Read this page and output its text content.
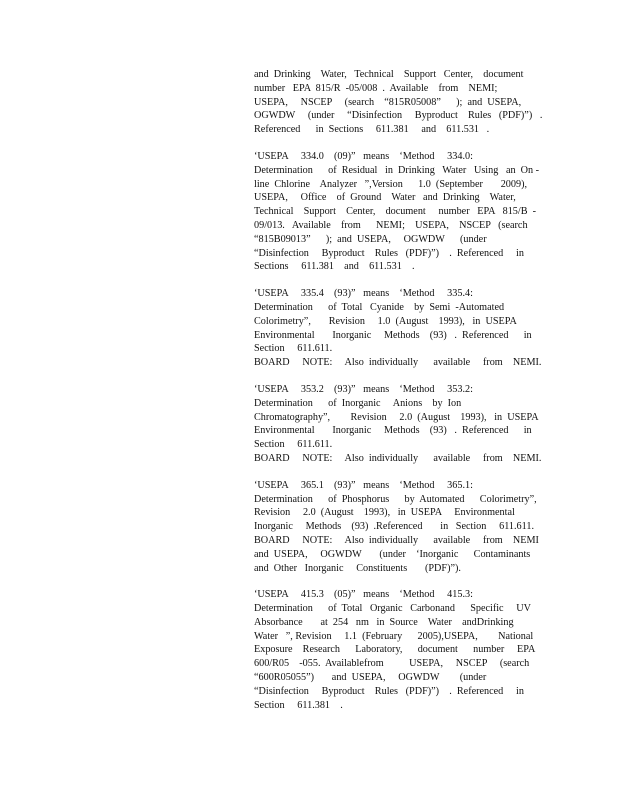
and  Drinking    Water,   Technical    Support   Center,    document
number   EPA  815/R  -05/008  .  Available    from    NEMI;
USEPA,     NSCEP     (search    “815R05008”      );  and  USEPA,
OGWDW     (under     “Disinfection     Byproduct    Rules   (PDF)”)   .
Referenced      in  Sections     611.381     and    611.531   .
‘USEPA     334.0    (09)”   means    ‘Method     334.0:
Determination      of  Residual   in  Drinking   Water   Using   an  On -
line  Chlorine    Analyzer   ”,Version      1.0  (September       2009),
USEPA,     Office    of  Ground    Water   and  Drinking    Water,
Technical    Support    Center,    document     number   EPA   815/B  -
09/013.   Available    from      NEMI;    USEPA,    NSCEP   (search
“815B09013”      );  and  USEPA,     OGWDW      (under
“Disinfection     Byproduct    Rules   (PDF)”)    .  Referenced     in
Sections     611.381    and    611.531    .
‘USEPA     335.4    (93)”   means    ‘Method     335.4:
Determination      of  Total   Cyanide    by  Semi  -Automated
Colorimetry”,       Revision     1.0  (August    1993),   in  USEPA
Environmental       Inorganic     Methods    (93)   .  Referenced      in
Section     611.611.
BOARD     NOTE:     Also  individually      available     from    NEMI.
‘USEPA     353.2    (93)”   means    ‘Method     353.2:
Determination      of  Inorganic     Anions    by  Ion
Chromatography”,        Revision     2.0  (August    1993),   in  USEPA
Environmental       Inorganic     Methods    (93)   .  Referenced      in
Section     611.611.
BOARD     NOTE:     Also  individually      available     from    NEMI.
‘USEPA     365.1    (93)”   means    ‘Method     365.1:
Determination      of  Phosphorus      by  Automated      Colorimetry”,
Revision     2.0  (August    1993),   in  USEPA     Environmental
Inorganic     Methods    (93)  .Referenced       in   Section     611.611.
BOARD     NOTE:     Also  individually      available     from    NEMI
and  USEPA,     OGWDW       (under    ‘Inorganic      Contaminants
and  Other   Inorganic     Constituents       (PDF)”).
‘USEPA     415.3    (05)”   means    ‘Method     415.3:
Determination      of  Total   Organic   Carbonand      Specific     UV
Absorbance       at  254   nm   in  Source    Water    andDrinking
Water   ”, Revision     1.1  (February      2005),USEPA,        National
Exposure    Research      Laboratory,      document      number     EPA
600/R05    -055.  Availablefrom          USEPA,     NSCEP     (search
“600R05055”)       and  USEPA,     OGWDW        (under
“Disinfection     Byproduct    Rules   (PDF)”)    .  Referenced     in
Section     611.381    .
